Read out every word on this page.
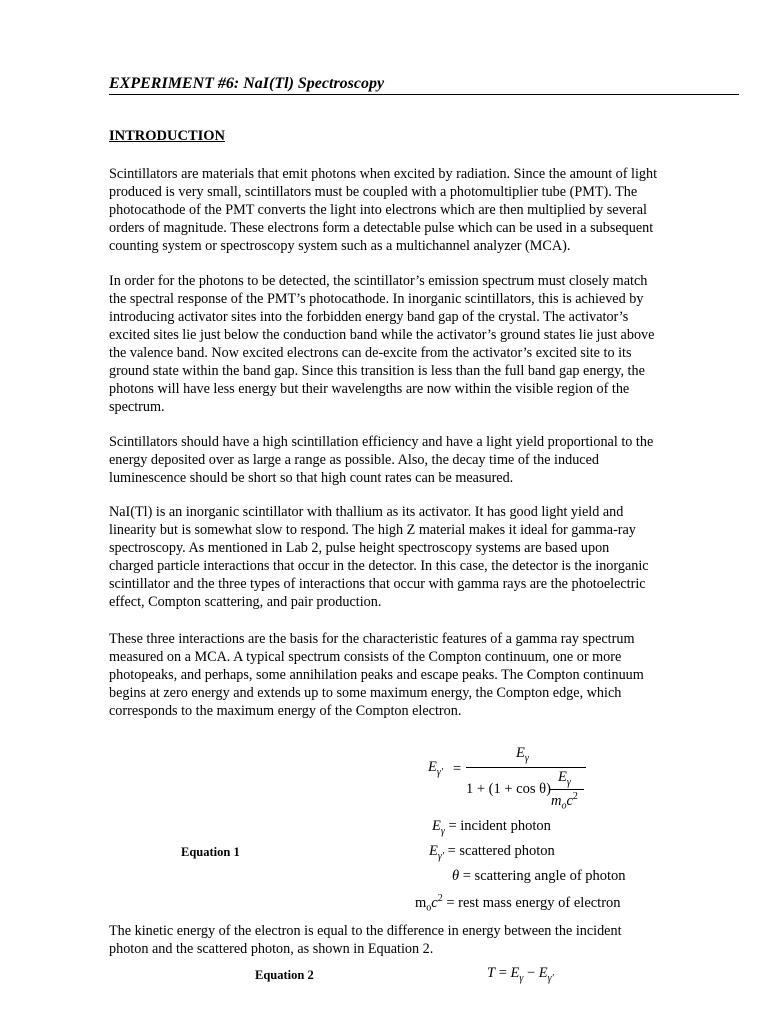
EXPERIMENT #6: NaI(Tl) Spectroscopy
INTRODUCTION

Scintillators are materials that emit photons when excited by radiation. Since the amount of light
produced is very small, scintillators must be coupled with a photomultiplier tube (PMT). The
photocathode of the PMT converts the light into electrons which are then multiplied by several
orders of magnitude. These electrons form a detectable pulse which can be used in a subsequent
counting system or spectroscopy system such as a multichannel analyzer (MCA).

In order for the photons to be detected, the scintillator’s emission spectrum must closely match
the spectral response of the PMT’s photocathode. In inorganic scintillators, this is achieved by
introducing activator sites into the forbidden energy band gap of the crystal. The activator’s
excited sites lie just below the conduction band while the activator’s ground states lie just above
the valence band. Now excited electrons can de-excite from the activator’s excited site to its
ground state within the band gap. Since this transition is less than the full band gap energy, the
photons will have less energy but their wavelengths are now within the visible region of the
spectrum.

Scintillators should have a high scintillation efficiency and have a light yield proportional to the
energy deposited over as large a range as possible. Also, the decay time of the induced
luminescence should be short so that high count rates can be measured.

NaI(Tl) is an inorganic scintillator with thallium as its activator. It has good light yield and
linearity but is somewhat slow to respond. The high Z material makes it ideal for gamma-ray
spectroscopy. As mentioned in Lab 2, pulse height spectroscopy systems are based upon
charged particle interactions that occur in the detector. In this case, the detector is the inorganic
scintillator and the three types of interactions that occur with gamma rays are the photoelectric
effect, Compton scattering, and pair production.

These three interactions are the basis for the characteristic features of a gamma ray spectrum
measured on a MCA. A typical spectrum consists of the Compton continuum, one or more
photopeaks, and perhaps, some annihilation peaks and escape peaks. The Compton continuum
begins at zero energy and extends up to some maximum energy, the Compton edge, which
corresponds to the maximum energy of the Compton electron.

$E_{\gamma'}$ =
$E_\gamma$
1 + (1 + cos θ)
$E_\gamma$
$m_oc^2$
Equation 1
$E_\gamma$ = incident photon
$E_{\gamma'}$ = scattered photon
θ = scattering angle of photon
$m_oc^2$ = rest mass energy of electron

The kinetic energy of the electron is equal to the difference in energy between the incident
photon and the scattered photon, as shown in Equation 2.

Equation 2	$T = E_\gamma - E_{\gamma'}$
